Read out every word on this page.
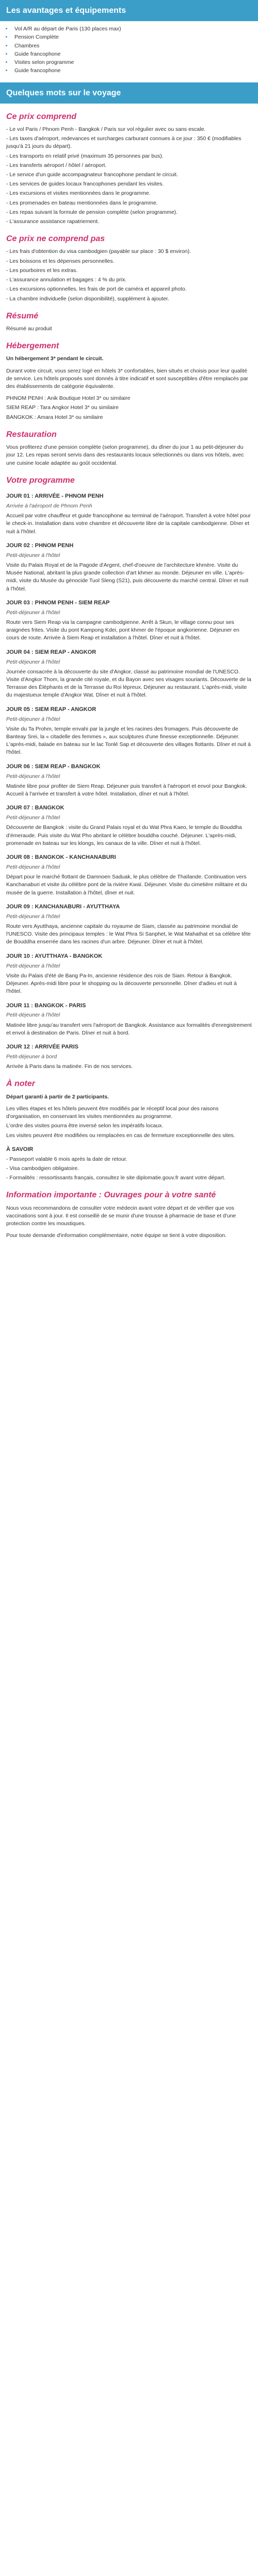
Les avantages et équipements
• Vol A/R au départ de Paris (130 places max)
• Pension Complète
• Chambres
• Guide francophone
• Visites selon programme
• Guide francophone
Quelques mots sur le voyage
Ce prix comprend
- Le vol Paris / Phnom Penh - Bangkok / Paris sur vol régulier avec ou sans escale.
- Les taxes d'aéroport, redevances et surcharges carburant connues à ce jour : 350 € (modifiables jusqu'à 21 jours du départ).
- Les transports en relatif privé (maximum 35 personnes par bus).
- Les transferts aéroport / hôtel / aéroport.
- Le service d'un guide accompagnateur francophone pendant le circuit.
- Les services de guides locaux francophones pendant les visites.
- Les excursions et visites mentionnées dans le programme.
- Les promenades en bateau mentionnées dans le programme.
- Les repas suivant la formule de pension complète (selon programme).
- L'assurance assistance rapatriement.
Ce prix ne comprend pas
- Les frais d'obtention du visa cambodgien (payable sur place : 30 $ environ).
- Les boissons et les dépenses personnelles.
- Les pourboires et les extras.
- L'assurance annulation et bagages : 4 % du prix.
- Les excursions optionnelles, les frais de port de caméra et appareil photo.
- La chambre individuelle (selon disponibilité), supplément à ajouter.
Résumé

Résumé au produit

Hébergement

Un hébergement 3* pendant le circuit.

Durant votre circuit, vous serez logé en hôtels 3* confortables, bien situés et choisis pour leur qualité de service. Les hôtels proposés sont donnés à titre indicatif et sont susceptibles d'être remplacés par des établissements de catégorie équivalente.

PHNOM PENH : Anik Boutique Hotel 3* ou similaire
SIEM REAP : Tara Angkor Hotel 3* ou similaire
BANGKOK : Amara Hotel 3* ou similaire
Restauration

Vous profiterez d'une pension complète (selon programme), du dîner du jour 1 au petit-déjeuner du jour 12. Les repas seront servis dans des restaurants locaux sélectionnés ou dans vos hôtels, avec une cuisine locale adaptée au goût occidental.

Votre programme
JOUR 01 : ARRIVÉE - PHNOM PENH

Arrivée à l'aéroport de Phnom Penh

Accueil par votre chauffeur et guide francophone au terminal de l'aéroport. Transfert à votre hôtel pour le check-in. Installation dans votre chambre et découverte libre de la capitale cambodgienne. Dîner et nuit à l'hôtel.

JOUR 02 : PHNOM PENH

Petit-déjeuner à l'hôtel

Visite du Palais Royal et de la Pagode d'Argent, chef-d'oeuvre de l'architecture khmère. Visite du Musée National, abritant la plus grande collection d'art khmer au monde. Déjeuner en ville. L'après-midi, visite du Musée du génocide Tuol Sleng (S21), puis découverte du marché central. Dîner et nuit à l'hôtel.

JOUR 03 : PHNOM PENH - SIEM REAP

Petit-déjeuner à l'hôtel

Route vers Siem Reap via la campagne cambodgienne. Arrêt à Skun, le village connu pour ses araignées frites. Visite du pont Kampong Kdei, pont khmer de l'époque angkorienne. Déjeuner en cours de route. Arrivée à Siem Reap et installation à l'hôtel. Dîner et nuit à l'hôtel.

JOUR 04 : SIEM REAP - ANGKOR

Petit-déjeuner à l'hôtel

Journée consacrée à la découverte du site d'Angkor, classé au patrimoine mondial de l'UNESCO. Visite d'Angkor Thom, la grande cité royale, et du Bayon avec ses visages souriants. Découverte de la Terrasse des Éléphants et de la Terrasse du Roi lépreux. Déjeuner au restaurant. L'après-midi, visite du majestueux temple d'Angkor Wat. Dîner et nuit à l'hôtel.

JOUR 05 : SIEM REAP - ANGKOR

Petit-déjeuner à l'hôtel

Visite du Ta Prohm, temple envahi par la jungle et les racines des fromagers. Puis découverte de Banteay Srei, la « citadelle des femmes », aux sculptures d'une finesse exceptionnelle. Déjeuner. L'après-midi, balade en bateau sur le lac Tonlé Sap et découverte des villages flottants. Dîner et nuit à l'hôtel.

JOUR 06 : SIEM REAP - BANGKOK

Petit-déjeuner à l'hôtel

Matinée libre pour profiter de Siem Reap. Déjeuner puis transfert à l'aéroport et envol pour Bangkok. Accueil à l'arrivée et transfert à votre hôtel. Installation, dîner et nuit à l'hôtel.

JOUR 07 : BANGKOK

Petit-déjeuner à l'hôtel

Découverte de Bangkok : visite du Grand Palais royal et du Wat Phra Kaeo, le temple du Bouddha d'émeraude. Puis visite du Wat Pho abritant le célèbre bouddha couché. Déjeuner. L'après-midi, promenade en bateau sur les klongs, les canaux de la ville. Dîner et nuit à l'hôtel.

JOUR 08 : BANGKOK - KANCHANABURI

Petit-déjeuner à l'hôtel

Départ pour le marché flottant de Damnoen Saduak, le plus célèbre de Thaïlande. Continuation vers Kanchanaburi et visite du célèbre pont de la rivière Kwaï. Déjeuner. Visite du cimetière militaire et du musée de la guerre. Installation à l'hôtel, dîner et nuit.

JOUR 09 : KANCHANABURI - AYUTTHAYA

Petit-déjeuner à l'hôtel

Route vers Ayutthaya, ancienne capitale du royaume de Siam, classée au patrimoine mondial de l'UNESCO. Visite des principaux temples : le Wat Phra Si Sanphet, le Wat Mahathat et sa célèbre tête de Bouddha enserrée dans les racines d'un arbre. Déjeuner. Dîner et nuit à l'hôtel.

JOUR 10 : AYUTTHAYA - BANGKOK

Petit-déjeuner à l'hôtel

Visite du Palais d'été de Bang Pa-In, ancienne résidence des rois de Siam. Retour à Bangkok. Déjeuner. Après-midi libre pour le shopping ou la découverte personnelle. Dîner d'adieu et nuit à l'hôtel.

JOUR 11 : BANGKOK - PARIS

Petit-déjeuner à l'hôtel

Matinée libre jusqu'au transfert vers l'aéroport de Bangkok. Assistance aux formalités d'enregistrement et envol à destination de Paris. Dîner et nuit à bord.

JOUR 12 : ARRIVÉE PARIS

Petit-déjeuner à bord

Arrivée à Paris dans la matinée. Fin de nos services.

À noter

Départ garanti à partir de 2 participants.

Les villes étapes et les hôtels peuvent être modifiés par le réceptif local pour des raisons d'organisation, en conservant les visites mentionnées au programme.
L'ordre des visites pourra être inversé selon les impératifs locaux.
Les visites peuvent être modifiées ou remplacées en cas de fermeture exceptionnelle des sites.
À SAVOIR
- Passeport valable 6 mois après la date de retour.
- Visa cambodgien obligatoire.
- Formalités : ressortissants français, consultez le site diplomatie.gouv.fr avant votre départ.
Information importante : Ouvrages pour à votre santé

Nous vous recommandons de consulter votre médecin avant votre départ et de vérifier que vos vaccinations sont à jour. Il est conseillé de se munir d'une trousse à pharmacie de base et d'une protection contre les moustiques.

Pour toute demande d'information complémentaire, notre équipe se tient à votre disposition.
